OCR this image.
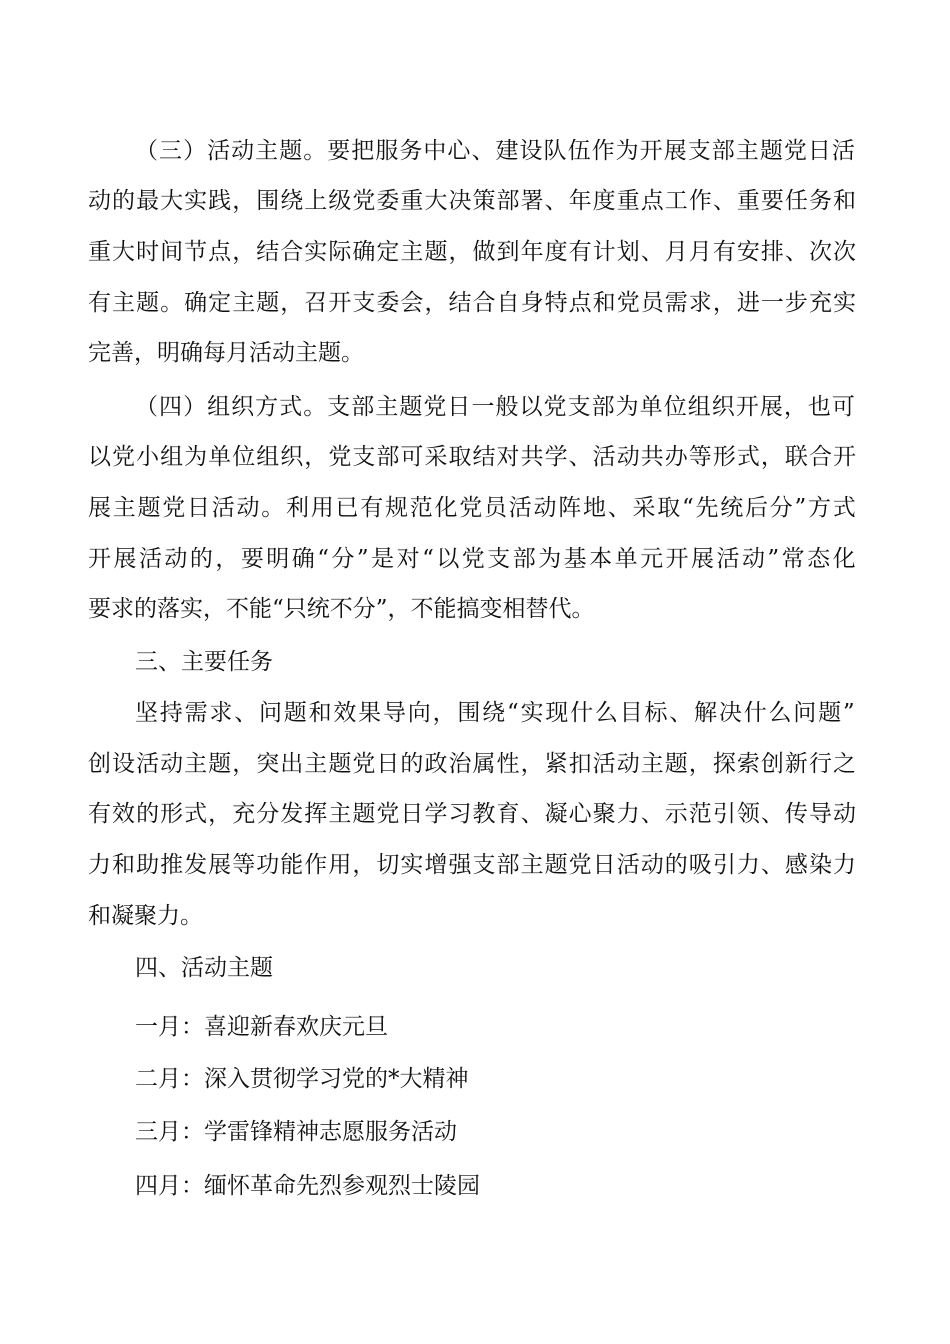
（ 三 ） 活 动 主 题 。 要 把 服 务 中 心 、 建 设 队 伍 作 为 开 展 支 部 主 题 党 日 活
动 的 最 大 实 践 ， 围 绕 上 级 党 委 重 大 决 策 部 署 、 年 度 重 点 工 作 、 重 要 任 务 和
重 大 时 间 节 点 ， 结 合 实 际 确 定 主 题 ， 做 到 年 度 有 计 划 、 月 月 有 安 排 、 次 次
有 主 题 。 确 定 主 题 ， 召 开 支 委 会 ， 结 合 自 身 特 点 和 党 员 需 求 ， 进 一 步 充 实
完善，明确每月活动主题。
（ 四 ） 组 织 方 式 。 支 部 主 题 党 日 一 般 以 党 支 部 为 单 位 组 织 开 展 ， 也 可
以 党 小 组 为 单 位 组 织 ， 党 支 部 可 采 取 结 对 共 学 、 活 动 共 办 等 形 式 ， 联 合 开
展 主 题 党 日 活 动 。 利 用 已 有 规 范 化 党 员 活 动 阵 地 、 采 取 “ 先 统 后 分 ” 方 式
开 展 活 动 的 ， 要 明 确 “ 分 ” 是 对 “ 以 党 支 部 为 基 本 单 元 开 展 活 动 ” 常 态 化
要求的落实，不能“只统不分”，不能搞变相替代。
三、主要任务
坚 持 需 求 、 问 题 和 效 果 导 向 ， 围 绕 “ 实 现 什 么 目 标 、 解 决 什 么 问 题 ”
创 设 活 动 主 题 ， 突 出 主 题 党 日 的 政 治 属 性 ， 紧 扣 活 动 主 题 ， 探 索 创 新 行 之
有 效 的 形 式 ， 充 分 发 挥 主 题 党 日 学 习 教 育 、 凝 心 聚 力 、 示 范 引 领 、 传 导 动
力 和 助 推 发 展 等 功 能 作 用 ， 切 实 增 强 支 部 主 题 党 日 活 动 的 吸 引 力 、 感 染 力
和凝聚力。
四、活动主题
一月：喜迎新春欢庆元旦
二月：深入贯彻学习党的*大精神
三月：学雷锋精神志愿服务活动
四月：缅怀革命先烈参观烈士陵园
